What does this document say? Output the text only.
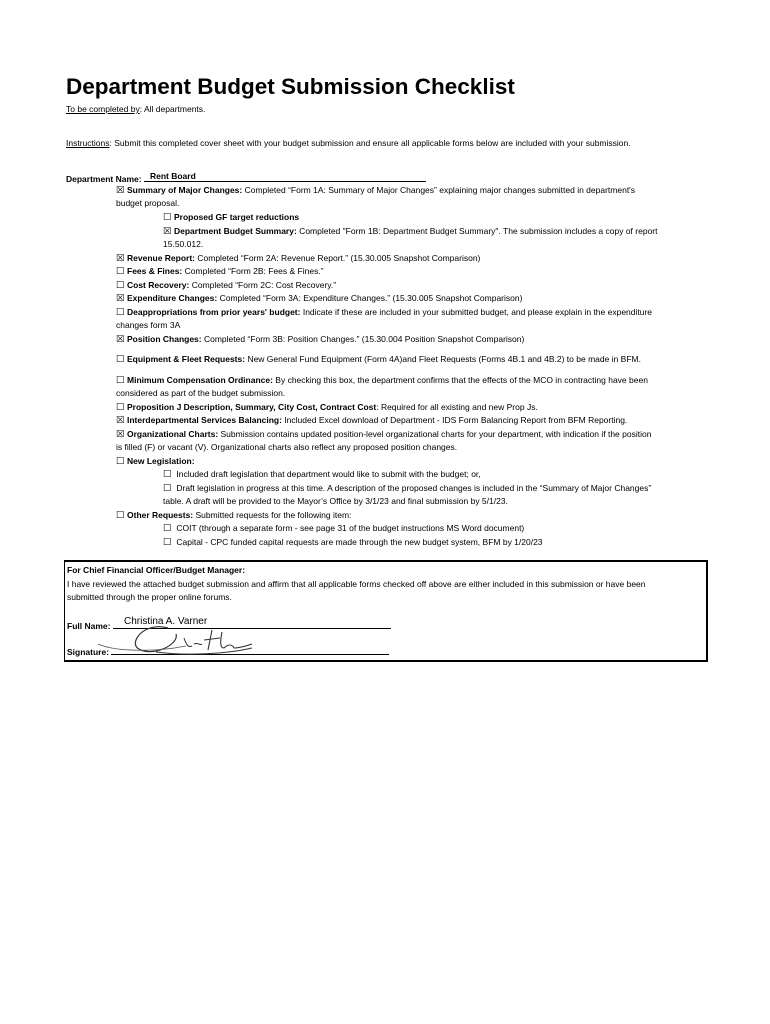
Department Budget Submission Checklist
To be completed by: All departments.
Instructions: Submit this completed cover sheet with your budget submission and ensure all applicable forms below are included with your submission.
Department Name: Rent Board
☒ Summary of Major Changes: Completed “Form 1A: Summary of Major Changes” explaining major changes submitted in department's
budget proposal.
☐ Proposed GF target reductions
☒ Department Budget Summary: Completed "Form 1B: Department Budget Summary". The submission includes a copy of report
15.50.012.
☒ Revenue Report: Completed “Form 2A: Revenue Report.” (15.30.005 Snapshot Comparison)
☐ Fees & Fines: Completed “Form 2B: Fees & Fines.”
☐ Cost Recovery: Completed “Form 2C: Cost Recovery.”
☒ Expenditure Changes: Completed “Form 3A: Expenditure Changes.” (15.30.005 Snapshot Comparison)
☐ Deappropriations from prior years' budget: Indicate if these are included in your submitted budget, and please explain in the expenditure
changes form 3A
☒ Position Changes: Completed “Form 3B: Position Changes.” (15.30.004 Position Snapshot Comparison)
☐ Equipment & Fleet Requests: New General Fund Equipment (Form 4A)and Fleet Requests (Forms 4B.1 and 4B.2) to be made in BFM.
☐ Minimum Compensation Ordinance: By checking this box, the department confirms that the effects of the MCO in contracting have been
considered as part of the budget submission.
☐ Proposition J Description, Summary, City Cost, Contract Cost: Required for all existing and new Prop Js.
☒ Interdepartmental Services Balancing: Included Excel download of Department - IDS Form Balancing Report from BFM Reporting.
☒ Organizational Charts: Submission contains updated position-level organizational charts for your department, with indication if the position
is filled (F) or vacant (V). Organizational charts also reflect any proposed position changes.
☐ New Legislation:
☐ Included draft legislation that department would like to submit with the budget; or,
☐ Draft legislation in progress at this time. A description of the proposed changes is included in the “Summary of Major Changes”
table. A draft will be provided to the Mayor’s Office by 3/1/23 and final submission by 5/1/23.
☐ Other Requests: Submitted requests for the following item:
☐ COIT (through a separate form - see page 31 of the budget instructions MS Word document)
☐ Capital - CPC funded capital requests are made through the new budget system, BFM by 1/20/23
For Chief Financial Officer/Budget Manager:
I have reviewed the attached budget submission and affirm that all applicable forms checked off above are either included in this submission or have been
submitted through the proper online forums.
Full Name:
Signature:
Christina A. Varner
